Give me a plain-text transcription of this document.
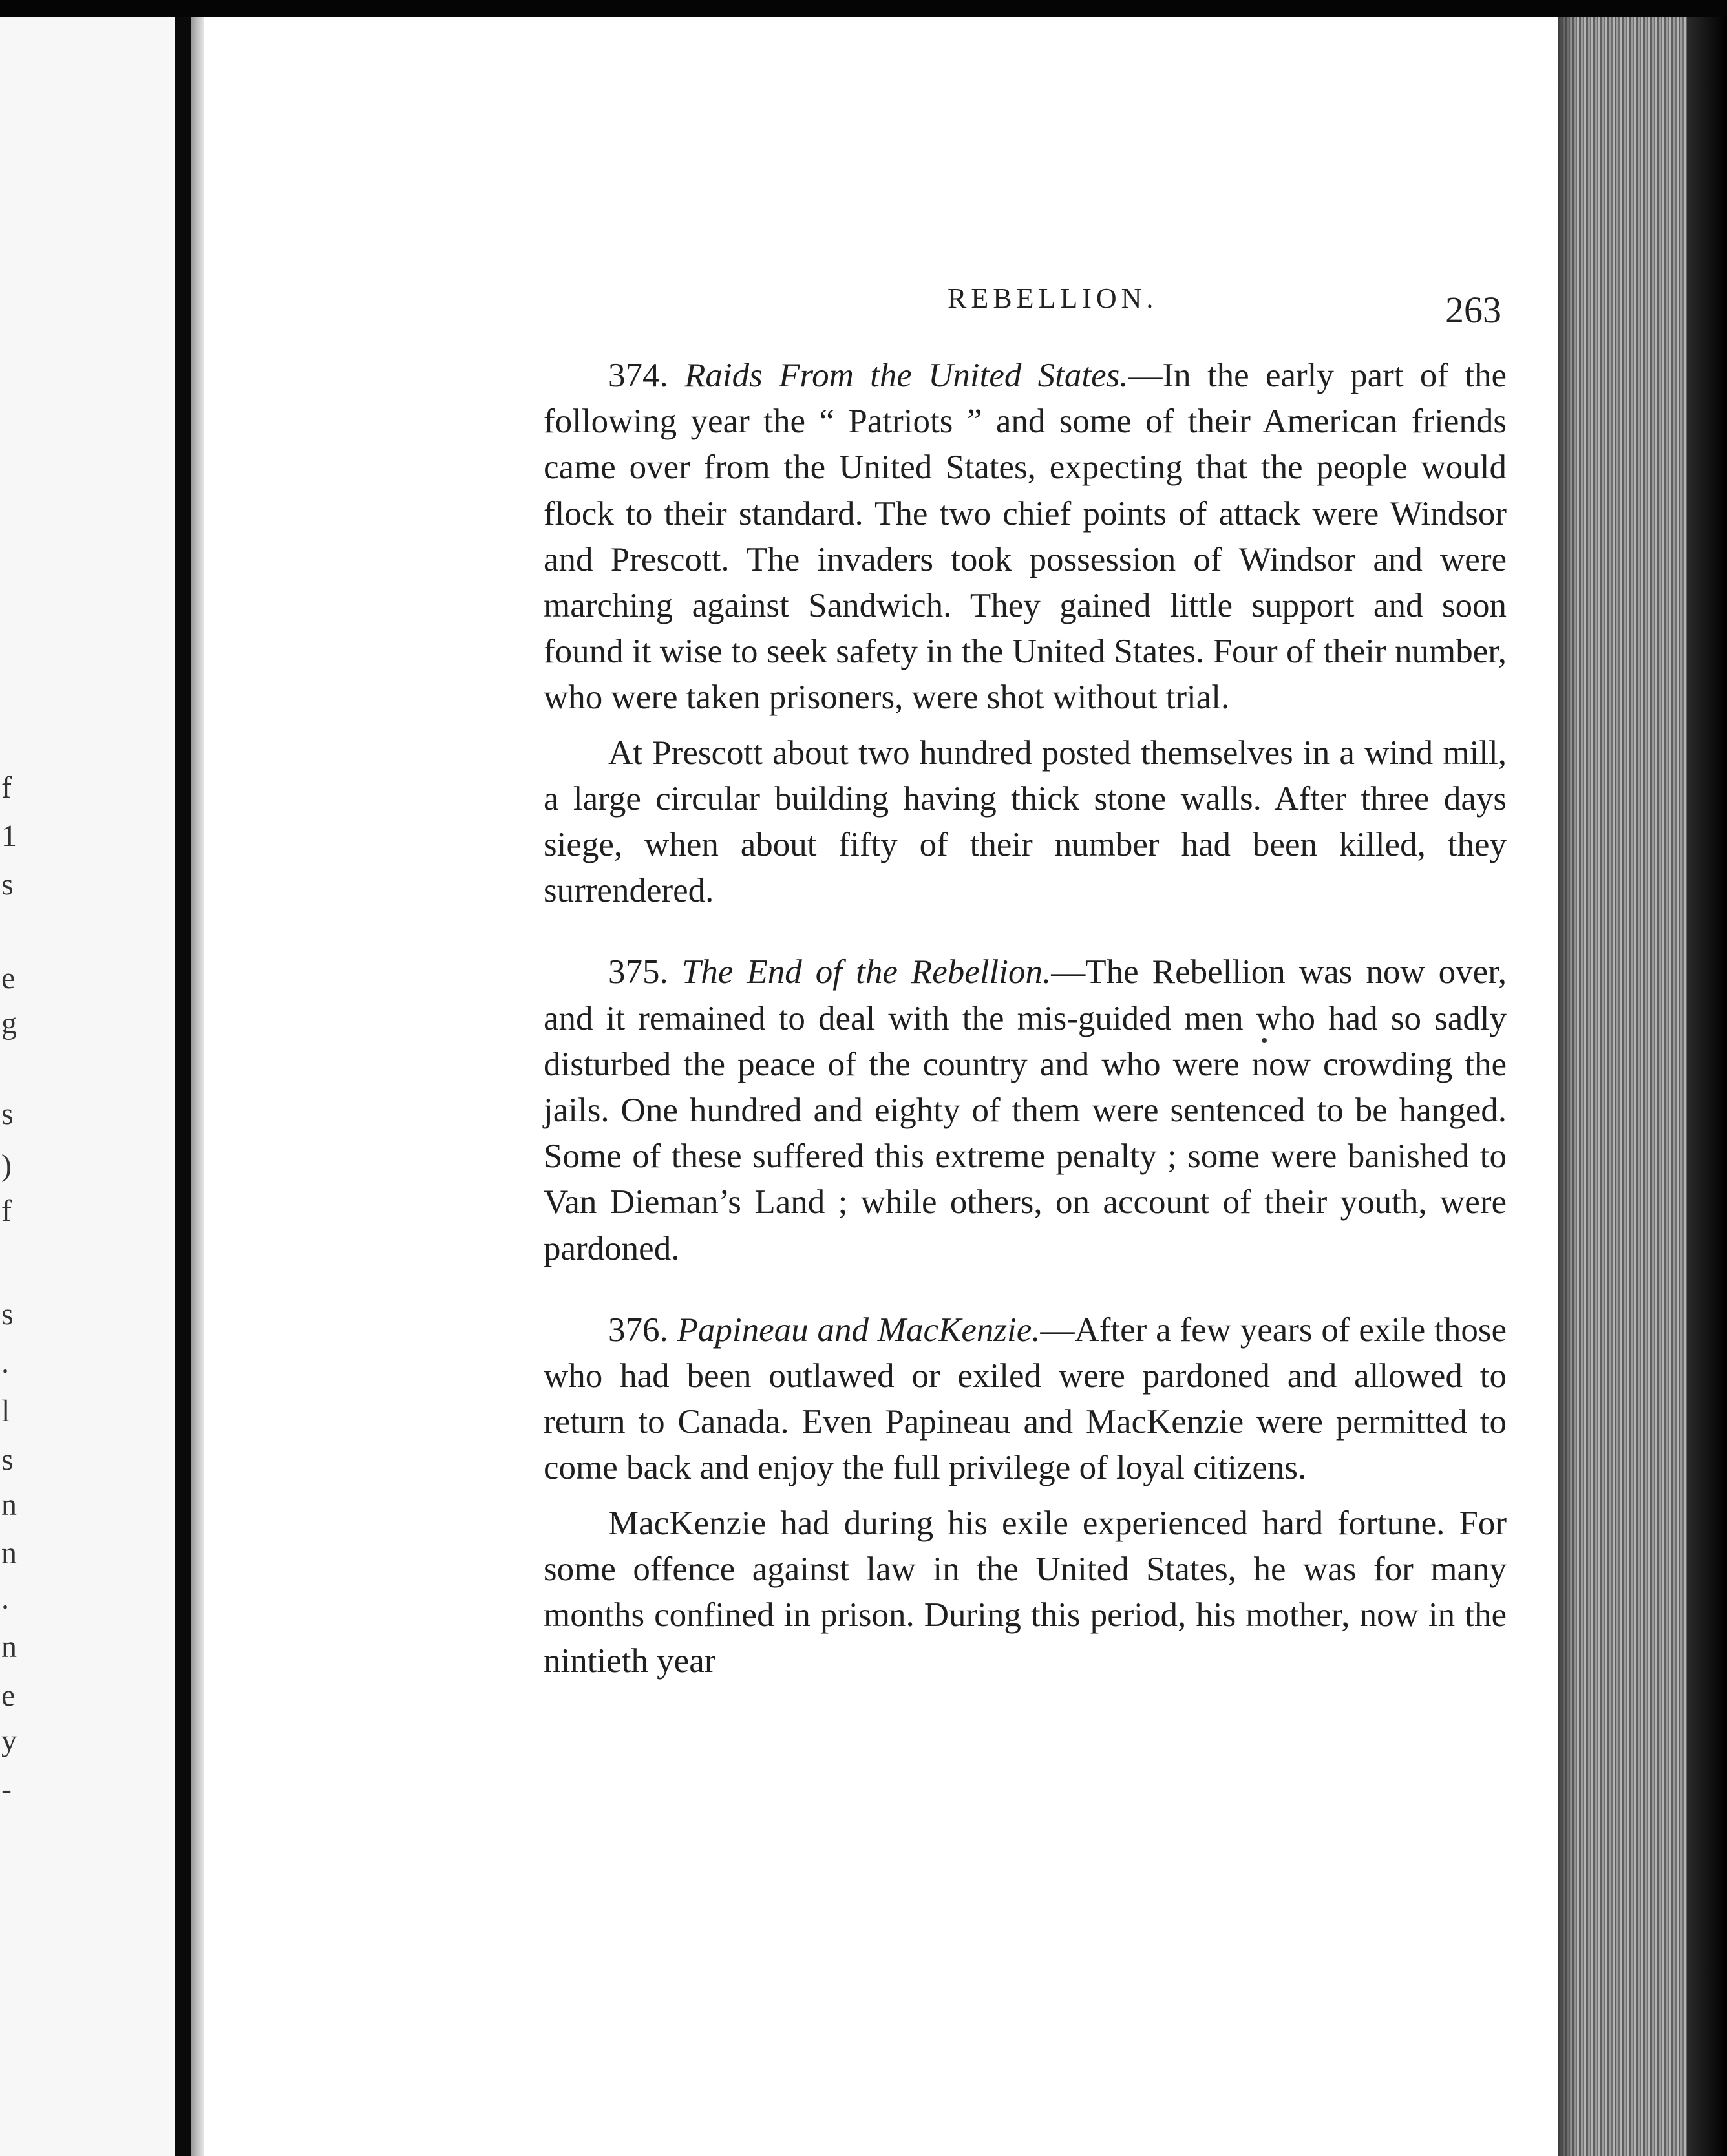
f
1
s
e
g
s
)
f
s
.
l
s
n
n
.
n
e
y
-
REBELLION.	263

374. Raids From the United States.—In the early part of the following year the “ Patriots ” and some of their American friends came over from the United States, expecting that the people would flock to their standard. The two chief points of attack were Windsor and Prescott. The invaders took possession of Windsor and were marching against Sandwich. They gained little support and soon found it wise to seek safety in the United States. Four of their number, who were taken prisoners, were shot without trial.

At Prescott about two hundred posted themselves in a wind mill, a large circular building having thick stone walls. After three days siege, when about fifty of their number had been killed, they surrendered.

375. The End of the Rebellion.—The Rebellion was now over, and it remained to deal with the mis-guided men who had so sadly disturbed the peace of the country and who were now crowding the jails. One hundred and eighty of them were sentenced to be hanged. Some of these suffered this extreme penalty ; some were banished to Van Dieman’s Land ; while others, on account of their youth, were pardoned.

376. Papineau and MacKenzie.—After a few years of exile those who had been outlawed or exiled were pardoned and allowed to return to Canada. Even Papineau and MacKenzie were permitted to come back and enjoy the full privilege of loyal citizens.

MacKenzie had during his exile experienced hard fortune. For some offence against law in the United States, he was for many months confined in prison. During this period, his mother, now in the nintieth year
